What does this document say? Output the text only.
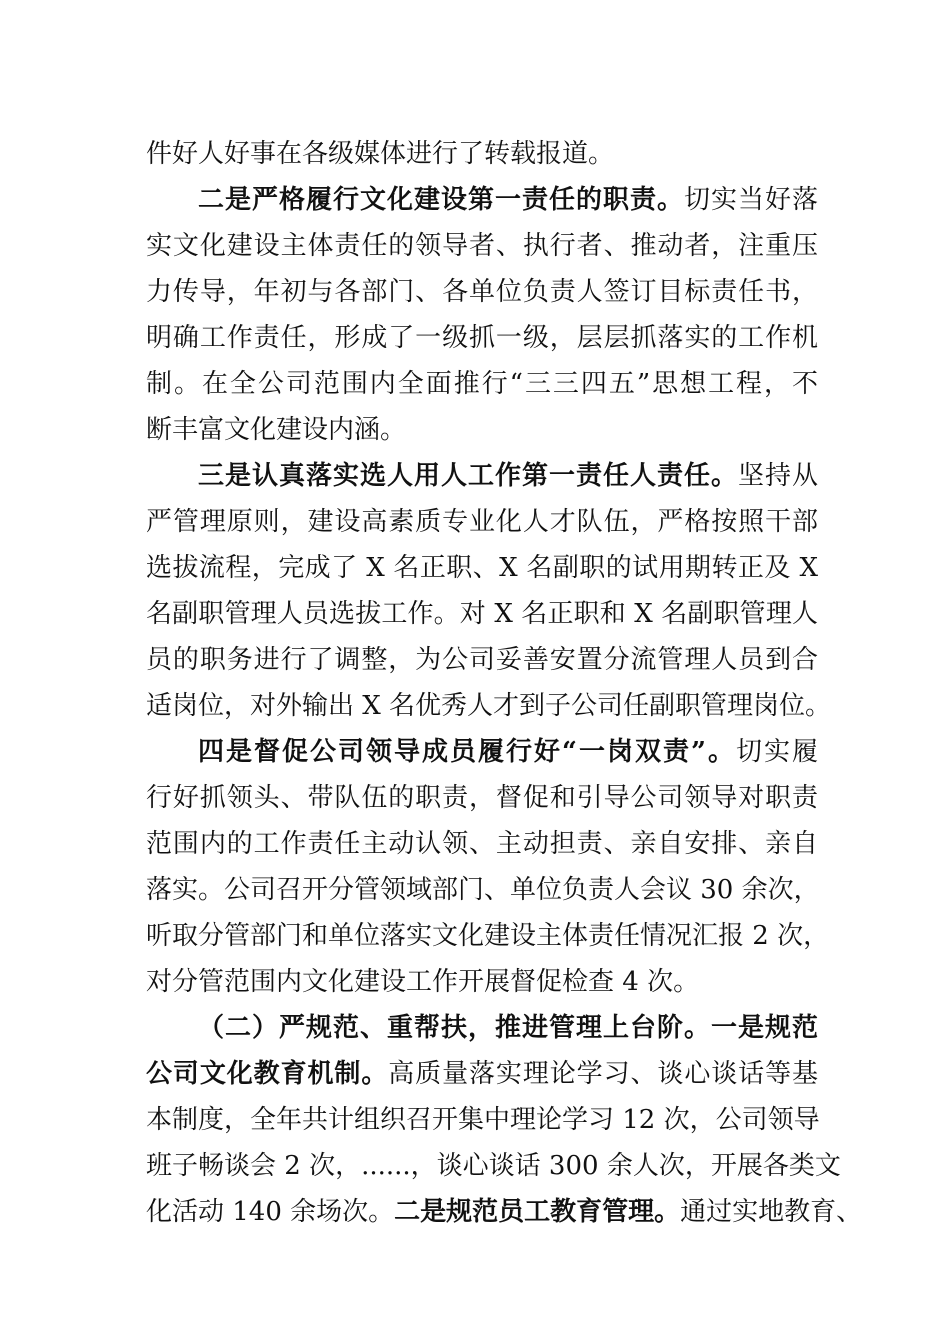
件好人好事在各级媒体进行了转载报道。
二是严格履行文化建设第一责任的职责。切实当好落
实文化建设主体责任的领导者、执行者、推动者，注重压
力传导，年初与各部门、各单位负责人签订目标责任书，
明确工作责任，形成了一级抓一级，层层抓落实的工作机
制。在全公司范围内全面推行“三三四五”思想工程，不
断丰富文化建设内涵。
三是认真落实选人用人工作第一责任人责任。坚持从
严管理原则，建设高素质专业化人才队伍，严格按照干部
选拔流程，完成了 X 名正职、X 名副职的试用期转正及 X
名副职管理人员选拔工作。对 X 名正职和 X 名副职管理人
员的职务进行了调整，为公司妥善安置分流管理人员到合
适岗位，对外输出 X 名优秀人才到子公司任副职管理岗位。
四是督促公司领导成员履行好“一岗双责”。切实履
行好抓领头、带队伍的职责，督促和引导公司领导对职责
范围内的工作责任主动认领、主动担责、亲自安排、亲自
落实。公司召开分管领域部门、单位负责人会议 30 余次，
听取分管部门和单位落实文化建设主体责任情况汇报 2 次，
对分管范围内文化建设工作开展督促检查 4 次。
（二）严规范、重帮扶，推进管理上台阶。一是规范
公司文化教育机制。高质量落实理论学习、谈心谈话等基
本制度，全年共计组织召开集中理论学习 12 次，公司领导
班子畅谈会 2 次，......，谈心谈话 300 余人次，开展各类文
化活动 140 余场次。二是规范员工教育管理。通过实地教育、
